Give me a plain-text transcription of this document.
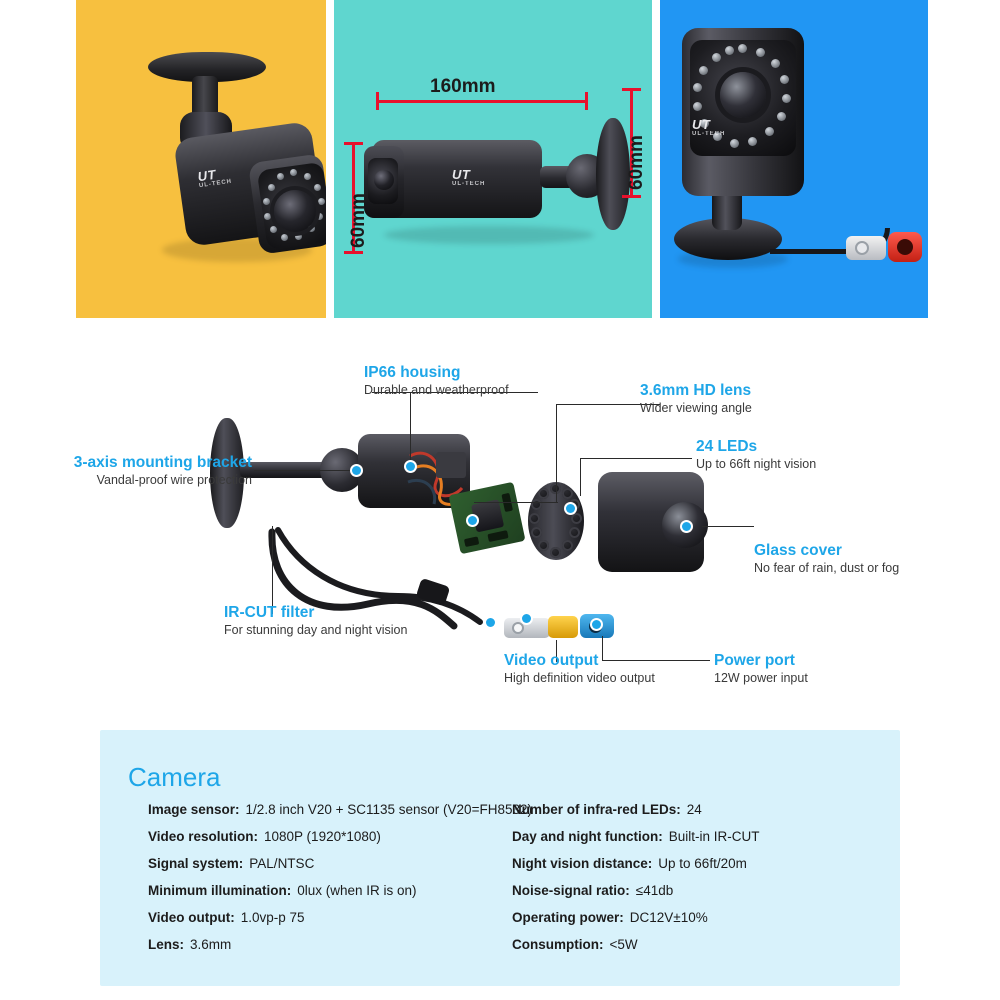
UT
UL-TECH
UT
UL-TECH
160mm
60mm
60mm
UT
UL-TECH
IP66 housing
Durable and weatherproof	3.6mm HD lens
Wider viewing angle
24 LEDs
Up to 66ft night vision
3-axis mounting bracket
Vandal-proof wire protection
Glass cover
No fear of rain, dust or fog
IR-CUT filter
For stunning day and night vision
Power port
12W power input
Video output
High definition video output
Camera
Image sensor: 1/2.8 inch V20 + SC1135 sensor (V20=FH8532)
Video resolution: 1080P (1920*1080)
Signal system: PAL/NTSC
Minimum illumination: 0lux (when IR is on)
Video output: 1.0vp-p 75
Lens: 3.6mm
Number of infra-red LEDs: 24
Day and night function: Built-in IR-CUT
Night vision distance: Up to 66ft/20m
Noise-signal ratio: ≤41db
Operating power: DC12V±10%
Consumption: <5W
